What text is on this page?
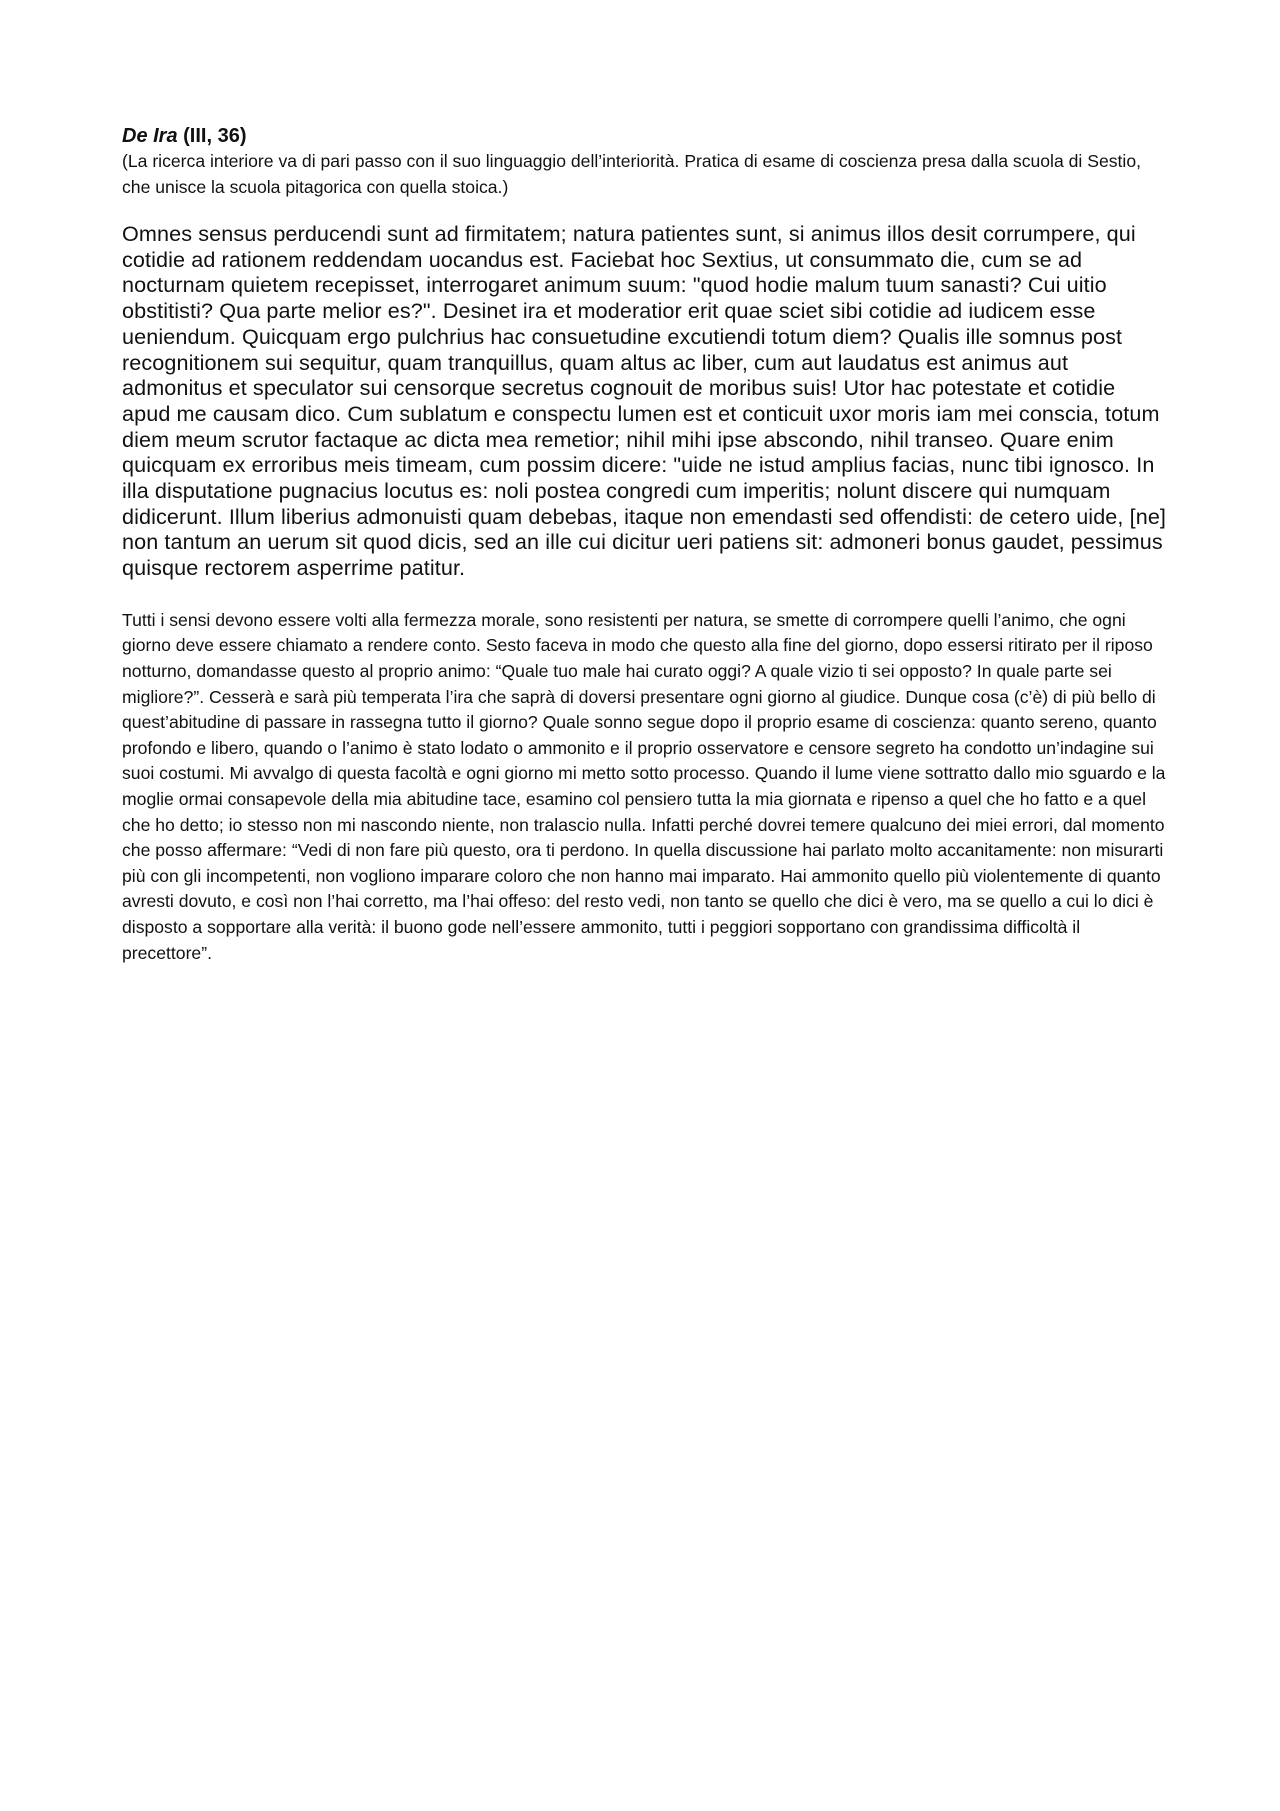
De Ira (III, 36)

(La ricerca interiore va di pari passo con il suo linguaggio dell’interiorità. Pratica di esame di coscienza presa dalla scuola di Sestio, che unisce la scuola pitagorica con quella stoica.)

Omnes sensus perducendi sunt ad firmitatem; natura patientes sunt, si animus illos desit corrumpere, qui cotidie ad rationem reddendam uocandus est. Faciebat hoc Sextius, ut consummato die, cum se ad nocturnam quietem recepisset, interrogaret animum suum: "quod hodie malum tuum sanasti? Cui uitio obstitisti? Qua parte melior es?". Desinet ira et moderatior erit quae sciet sibi cotidie ad iudicem esse ueniendum. Quicquam ergo pulchrius hac consuetudine excutiendi totum diem? Qualis ille somnus post recognitionem sui sequitur, quam tranquillus, quam altus ac liber, cum aut laudatus est animus aut admonitus et speculator sui censorque secretus cognouit de moribus suis! Utor hac potestate et cotidie apud me causam dico. Cum sublatum e conspectu lumen est et conticuit uxor moris iam mei conscia, totum diem meum scrutor factaque ac dicta mea remetior; nihil mihi ipse abscondo, nihil transeo. Quare enim quicquam ex erroribus meis timeam, cum possim dicere: "uide ne istud amplius facias, nunc tibi ignosco. In illa disputatione pugnacius locutus es: noli postea congredi cum imperitis; nolunt discere qui numquam didicerunt. Illum liberius admonuisti quam debebas, itaque non emendasti sed offendisti: de cetero uide, [ne] non tantum an uerum sit quod dicis, sed an ille cui dicitur ueri patiens sit: admoneri bonus gaudet, pessimus quisque rectorem asperrime patitur.

Tutti i sensi devono essere volti alla fermezza morale, sono resistenti per natura, se smette di corrompere quelli l’animo, che ogni giorno deve essere chiamato a rendere conto. Sesto faceva in modo che questo alla fine del giorno, dopo essersi ritirato per il riposo notturno, domandasse questo al proprio animo: “Quale tuo male hai curato oggi? A quale vizio ti sei opposto? In quale parte sei migliore?”. Cesserà e sarà più temperata l’ira che saprà di doversi presentare ogni giorno al giudice. Dunque cosa (c’è) di più bello di quest’abitudine di passare in rassegna tutto il giorno? Quale sonno segue dopo il proprio esame di coscienza: quanto sereno, quanto profondo e libero, quando o l’animo è stato lodato o ammonito e il proprio osservatore e censore segreto ha condotto un’indagine sui suoi costumi. Mi avvalgo di questa facoltà e ogni giorno mi metto sotto processo. Quando il lume viene sottratto dallo mio sguardo e la moglie ormai consapevole della mia abitudine tace, esamino col pensiero tutta la mia giornata e ripenso a quel che ho fatto e a quel che ho detto; io stesso non mi nascondo niente, non tralascio nulla. Infatti perché dovrei temere qualcuno dei miei errori, dal momento che posso affermare: “Vedi di non fare più questo, ora ti perdono. In quella discussione hai parlato molto accanitamente: non misurarti più con gli incompetenti, non vogliono imparare coloro che non hanno mai imparato. Hai ammonito quello più violentemente di quanto avresti dovuto, e così non l’hai corretto, ma l’hai offeso: del resto vedi, non tanto se quello che dici è vero, ma se quello a cui lo dici è disposto a sopportare alla verità: il buono gode nell’essere ammonito, tutti i peggiori sopportano con grandissima difficoltà il precettore”.
